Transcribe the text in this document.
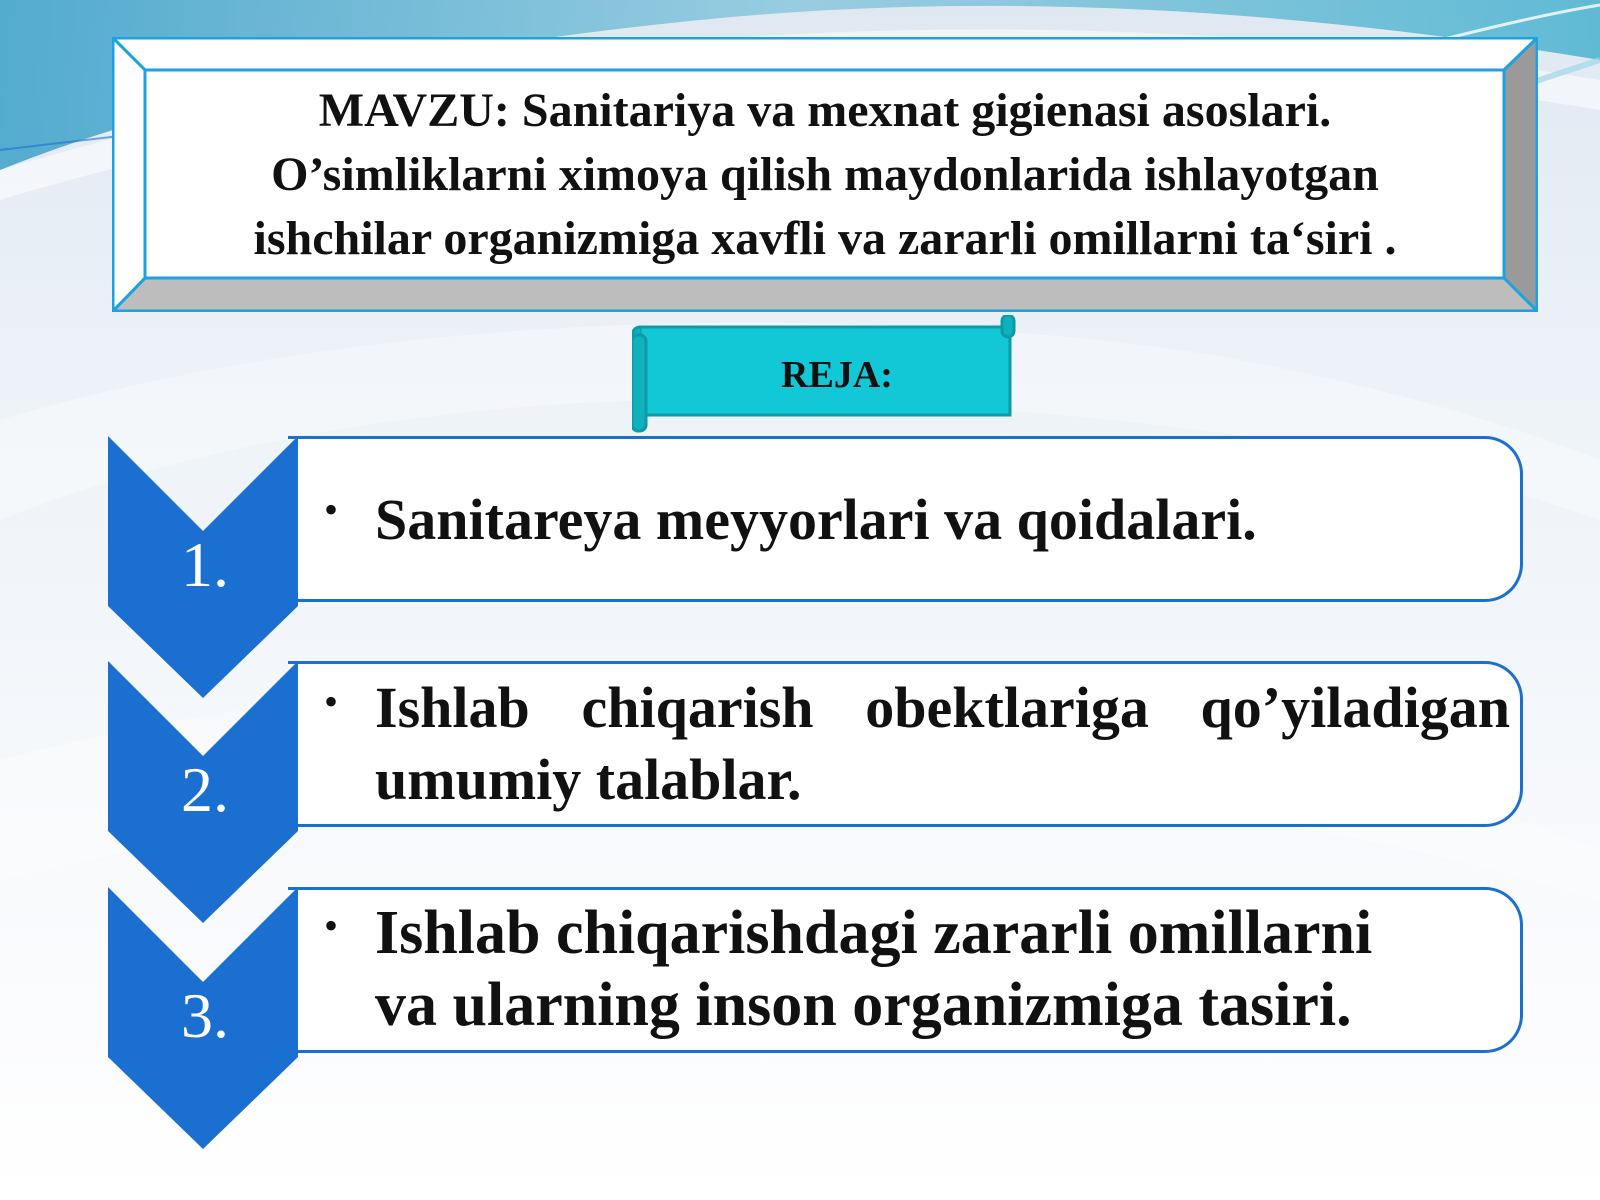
MAVZU: Sanitariya va mexnat gigienasi asoslari.
O’simliklarni ximoya qilish maydonlarida ishlayotgan
ishchilar organizmiga xavfli va zararli omillarni ta‘siri .
REJA:
1.
• Sanitareya meyyorlari va qoidalari.
2.
• Ishlab chiqarish obektlariga qo’yiladigan
umumiy talablar.
3.
• Ishlab chiqarishdagi zararli omillarni
va ularning inson organizmiga tasiri.
